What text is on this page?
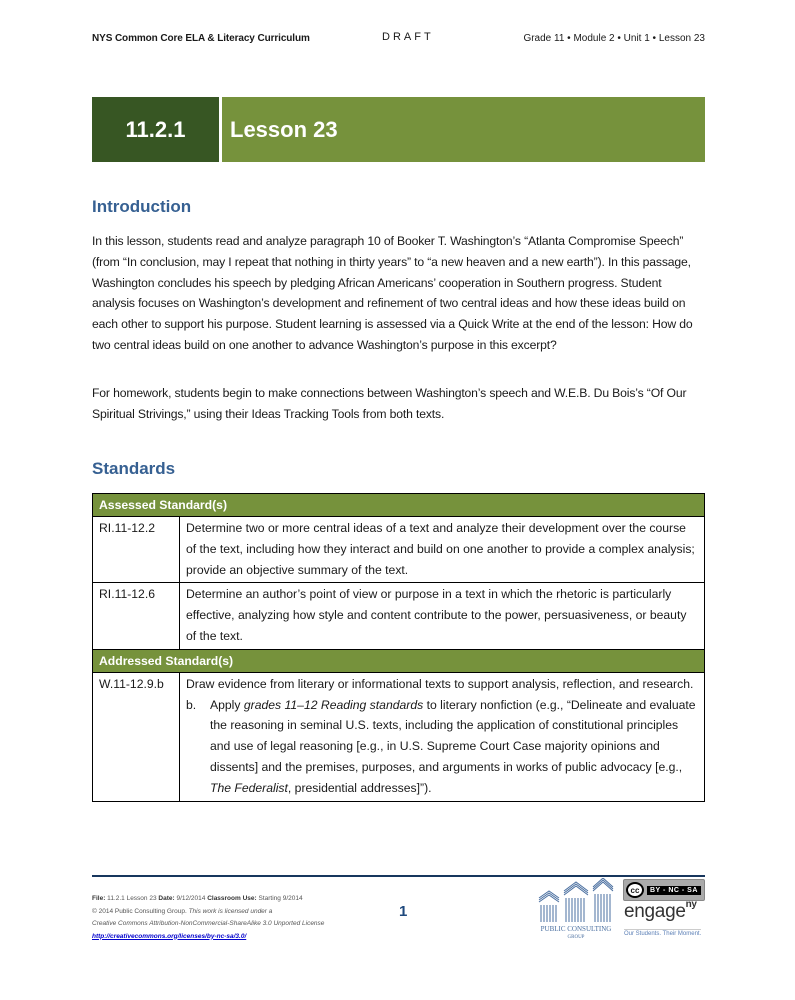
NYS Common Core ELA & Literacy Curriculum	DRAFT	Grade 11 • Module 2 • Unit 1 • Lesson 23
11.2.1	Lesson 23
Introduction
In this lesson, students read and analyze paragraph 10 of Booker T. Washington’s “Atlanta Compromise Speech” (from “In conclusion, may I repeat that nothing in thirty years” to “a new heaven and a new earth”). In this passage, Washington concludes his speech by pledging African Americans’ cooperation in Southern progress. Student analysis focuses on Washington’s development and refinement of two central ideas and how these ideas build on each other to support his purpose. Student learning is assessed via a Quick Write at the end of the lesson: How do two central ideas build on one another to advance Washington’s purpose in this excerpt?
For homework, students begin to make connections between Washington’s speech and W.E.B. Du Bois’s “Of Our Spiritual Strivings,” using their Ideas Tracking Tools from both texts.
Standards
Assessed Standard(s)	
RI.11-12.2	Determine two or more central ideas of a text and analyze their development over the course of the text, including how they interact and build on one another to provide a complex analysis; provide an objective summary of the text.
RI.11-12.6	Determine an author’s point of view or purpose in a text in which the rhetoric is particularly effective, analyzing how style and content contribute to the power, persuasiveness, or beauty of the text.
Addressed Standard(s)	
W.11-12.9.b	Draw evidence from literary or informational texts to support analysis, reflection, and research.
b. Apply grades 11–12 Reading standards to literary nonfiction (e.g., “Delineate and evaluate the reasoning in seminal U.S. texts, including the application of constitutional principles and use of legal reasoning [e.g., in U.S. Supreme Court Case majority opinions and dissents] and the premises, purposes, and arguments in works of public advocacy [e.g., The Federalist, presidential addresses]”).
File: 11.2.1 Lesson 23 Date: 9/12/2014 Classroom Use: Starting 9/2014
© 2014 Public Consulting Group. This work is licensed under a
Creative Commons Attribution-NonCommercial-ShareAlike 3.0 Unported License
http://creativecommons.org/licenses/by-nc-sa/3.0/
1
PUBLIC CONSULTING
GROUP
cc	BY - NC - SA
engage$^{ny}$
Our Students. Their Moment.
